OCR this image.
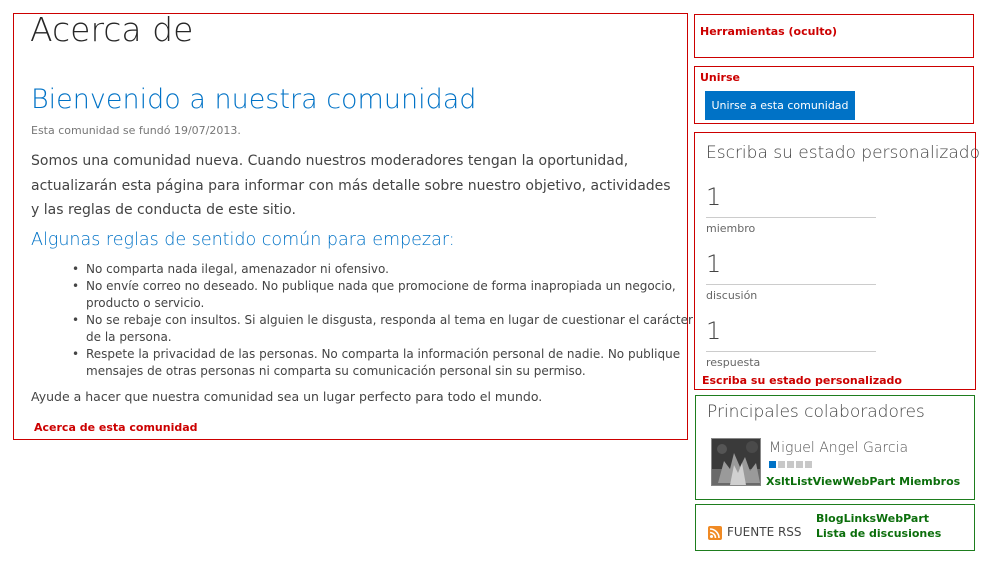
Acerca de
Bienvenido a nuestra comunidad
Esta comunidad se fundó 19/07/2013.
Somos una comunidad nueva. Cuando nuestros moderadores tengan la oportunidad, actualizarán esta página para informar con más detalle sobre nuestro objetivo, actividades y las reglas de conducta de este sitio.
Algunas reglas de sentido común para empezar:
• No comparta nada ilegal, amenazador ni ofensivo.
• No envíe correo no deseado. No publique nada que promocione de forma inapropiada un negocio, producto o servicio.
• No se rebaje con insultos. Si alguien le disgusta, responda al tema en lugar de cuestionar el carácter de la persona.
• Respete la privacidad de las personas. No comparta la información personal de nadie. No publique mensajes de otras personas ni comparta su comunicación personal sin su permiso.
Ayude a hacer que nuestra comunidad sea un lugar perfecto para todo el mundo.
Acerca de esta comunidad
Herramientas (oculto)
Unirse
Unirse a esta comunidad
Escriba su estado personalizado
1
miembro
1
discusión
1
respuesta
Escriba su estado personalizado
Principales colaboradores
Miguel Angel Garcia
XsltListViewWebPart Miembros
FUENTE RSS
BlogLinksWebPart
Lista de discusiones
